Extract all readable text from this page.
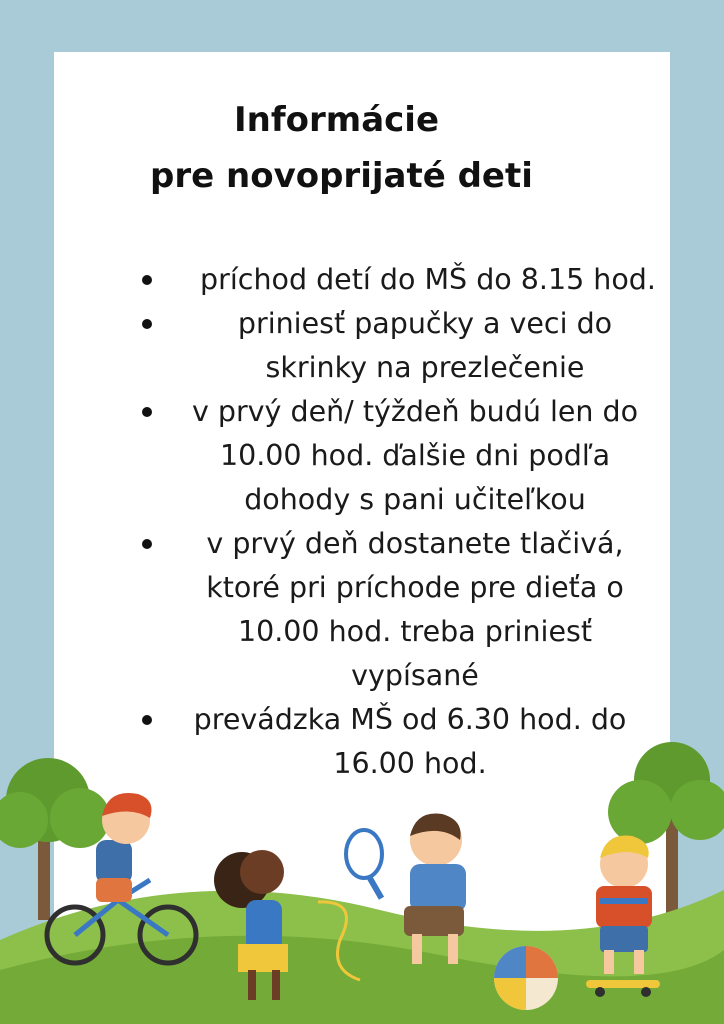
Informácie
pre novoprijaté deti
príchod detí do MŠ do 8.15 hod.
priniesť papučky a veci do skrinky na prezlečenie
v prvý deň/ týždeň budú len do 10.00 hod. ďalšie dni podľa dohody s pani učiteľkou
v prvý deň dostanete tlačivá, ktoré pri príchode pre dieťa o 10.00 hod. treba priniesť vypísané
prevádzka MŠ od 6.30 hod. do 16.00 hod.
